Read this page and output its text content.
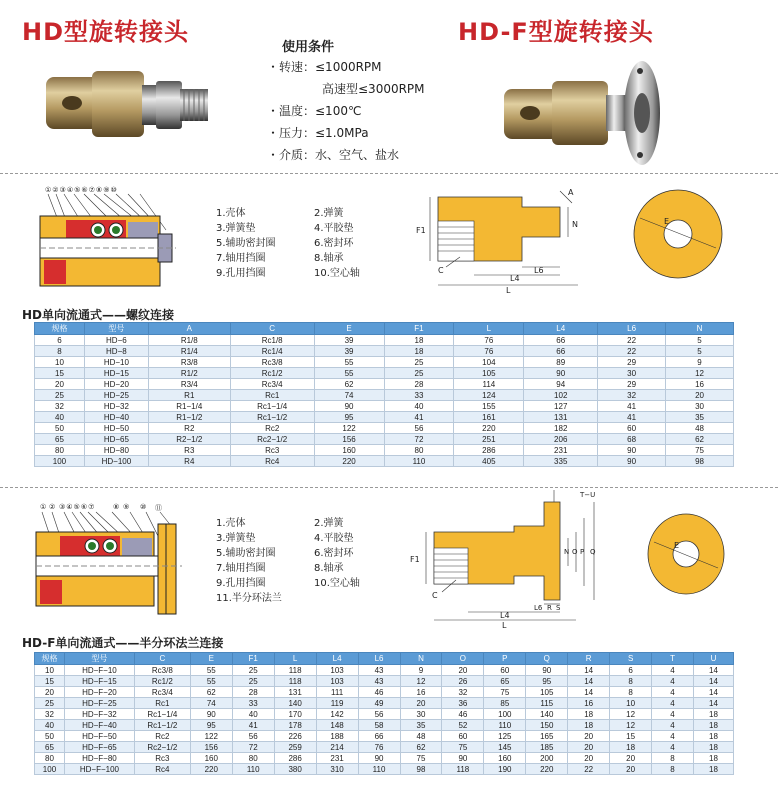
HD型旋转接头	HD-F型旋转接头
使用条件
・转速：≤1000RPM
高速型≤3000RPM
・温度：≤100℃
・压力：≤1.0MPa
・介质：水、空气、盐水
①②③④⑤⑥⑦⑧⑨⑩
1.壳体
3.弹簧垫
5.辅助密封圈
7.轴用挡圈
9.孔用挡圈
2.弹簧
4.平胶垫
6.密封环
8.轴承
10.空心轴
F1
N
A
C
L4
L6
L
E
HD单向流通式——螺纹连接
规格	型号	A	C	E	F1	L	L4	L6	N
6	HD−6	R1/8	Rc1/8	39	18	76	66	22	5
8	HD−8	R1/4	Rc1/4	39	18	76	66	22	5
10	HD−10	R3/8	Rc3/8	55	25	104	89	29	9
15	HD−15	R1/2	Rc1/2	55	25	105	90	30	12
20	HD−20	R3/4	Rc3/4	62	28	114	94	29	16
25	HD−25	R1	Rc1	74	33	124	102	32	20
32	HD−32	R1−1/4	Rc1−1/4	90	40	155	127	41	30
40	HD−40	R1−1/2	Rc1−1/2	95	41	161	131	41	35
50	HD−50	R2	Rc2	122	56	220	182	60	48
65	HD−65	R2−1/2	Rc2−1/2	156	72	251	206	68	62
80	HD−80	R3	Rc3	160	80	286	231	90	75
100	HD−100	R4	Rc4	220	110	405	335	90	98
① ② ③④⑤⑥⑦	⑧ ⑨	⑩	⑪
1.壳体
3.弹簧垫
5.辅助密封圈
7.轴用挡圈
9.孔用挡圈
11.半分环法兰
2.弹簧
4.平胶垫
6.密封环
8.轴承
10.空心轴
T−U
F1
N O P Q
C
L6 R S
L4
L
E
HD-F单向流通式——半分环法兰连接
规格	型号	C	E	F1	L	L4	L6	N	O	P	Q	R	S	T	U
10	HD−F−10	Rc3/8	55	25	118	103	43	9	20	60	90	14	6	4	14
15	HD−F−15	Rc1/2	55	25	118	103	43	12	26	65	95	14	8	4	14
20	HD−F−20	Rc3/4	62	28	131	111	46	16	32	75	105	14	8	4	14
25	HD−F−25	Rc1	74	33	140	119	49	20	36	85	115	16	10	4	14
32	HD−F−32	Rc1−1/4	90	40	170	142	56	30	46	100	140	18	12	4	18
40	HD−F−40	Rc1−1/2	95	41	178	148	58	35	52	110	150	18	12	4	18
50	HD−F−50	Rc2	122	56	226	188	66	48	60	125	165	20	15	4	18
65	HD−F−65	Rc2−1/2	156	72	259	214	76	62	75	145	185	20	18	4	18
80	HD−F−80	Rc3	160	80	286	231	90	75	90	160	200	20	20	8	18
100	HD−F−100	Rc4	220	110	380	310	110	98	118	190	220	22	20	8	18
